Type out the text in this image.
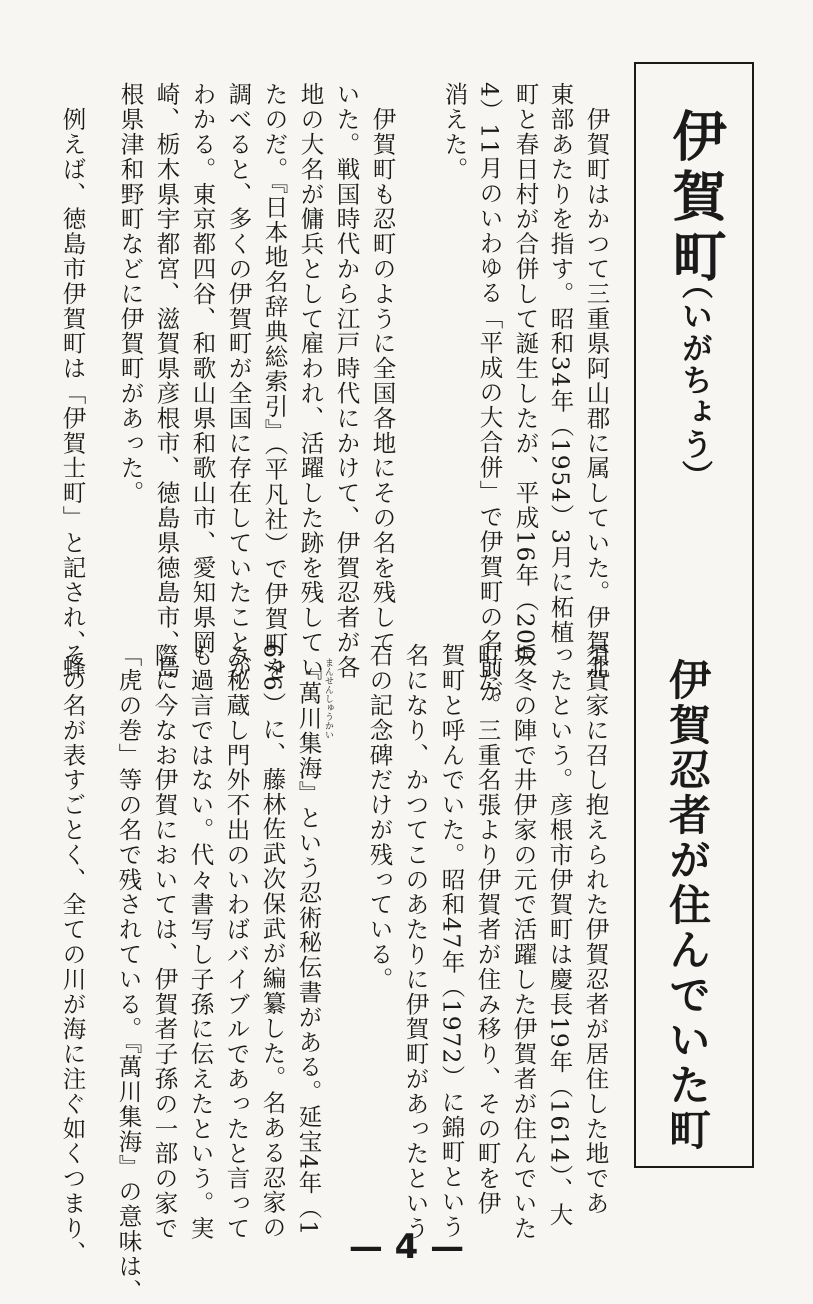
伊賀町
（いがちょう）
伊賀忍者が住んでいた町
　伊賀町はかつて三重県阿山郡に属していた。伊賀北
東部あたりを指す。昭和34年（1954）3月に柘植
町と春日村が合併して誕生したが、平成16年（200
4）11月のいわゆる「平成の大合併」で伊賀町の名前が
消えた。
　伊賀町も忍町のように全国各地にその名を残して
いた。戦国時代から江戸時代にかけて、伊賀忍者が各
地の大名が傭兵として雇われ、活躍した跡を残してい
たのだ。『日本地名辞典総索引』（平凡社）で伊賀町を
調べると、多くの伊賀町が全国に存在していたことが
わかる。東京都四谷、和歌山県和歌山市、愛知県岡
崎、栃木県宇都宮、滋賀県彦根市、徳島県徳島市、島
根県津和野町などに伊賀町があった。
　例えば、徳島市伊賀町は「伊賀士町」と記され、蜂
須賀家に召し抱えられた伊賀忍者が居住した地であ
ったという。彦根市伊賀町は慶長19年（1614）、大
坂冬の陣で井伊家の元で活躍した伊賀者が住んでいた
町だ。三重名張より伊賀者が住み移り、その町を伊
賀町と呼んでいた。昭和47年（1972）に錦町という
名になり、かつてこのあたりに伊賀町があったという
石の記念碑だけが残っている。
まんせんしゅうかい
　『萬川集海』という忍術秘伝書がある。延宝4年（1
676）に、藤林佐武次保武が編纂した。名ある忍家の
み秘蔵し門外不出のいわばバイブルであったと言って
も過言ではない。代々書写し子孫に伝えたという。実
際に今なお伊賀においては、伊賀者子孫の一部の家で
「虎の巻」等の名で残されている。『萬川集海』の意味は、
その名が表すごとく、全ての川が海に注ぐ如くつまり、	— 4 —
